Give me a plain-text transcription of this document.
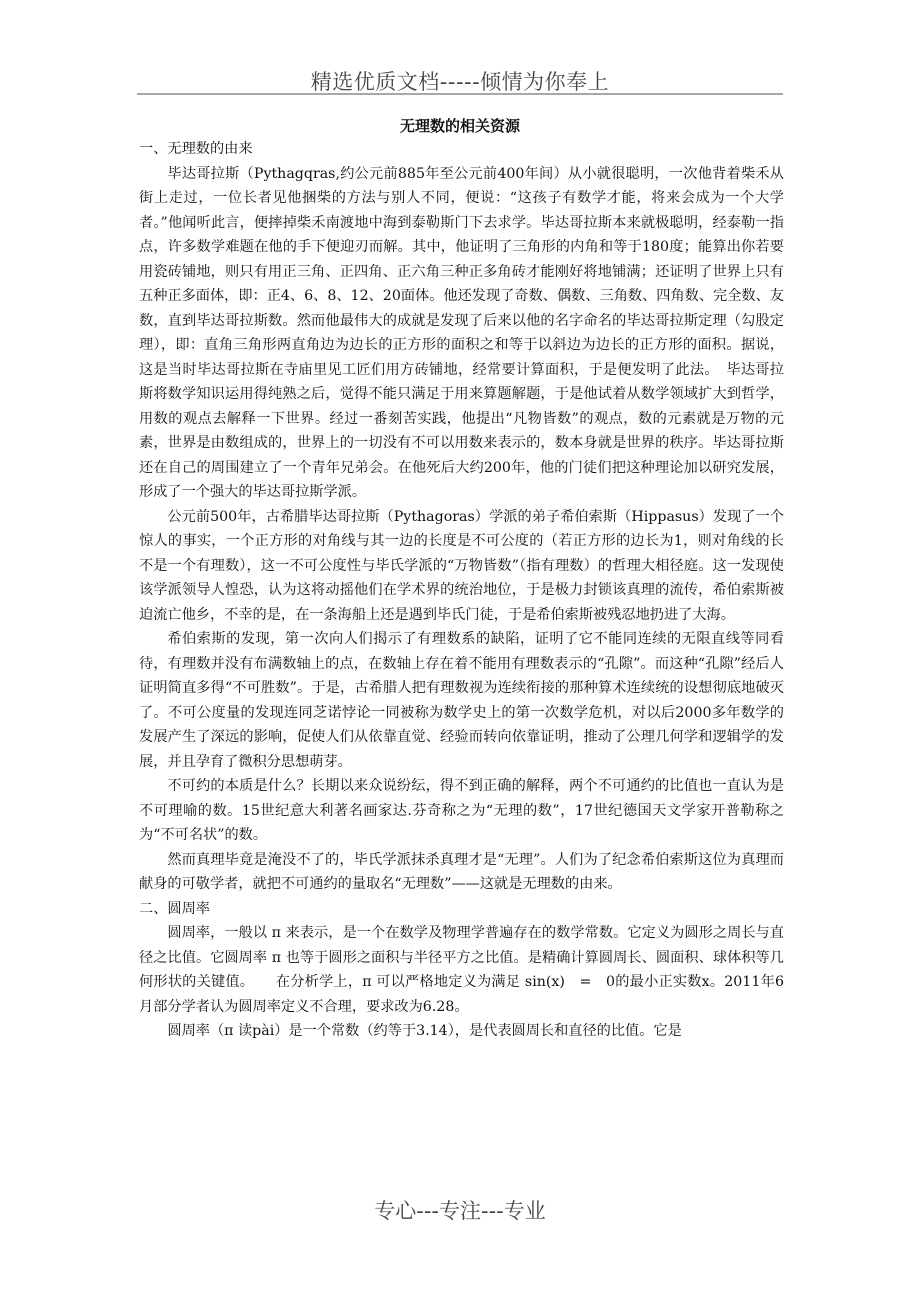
精选优质文档-----倾情为你奉上
无理数的相关资源
一、无理数的由来

毕达哥拉斯（Pythagqras,约公元前885年至公元前400年间）从小就很聪明，一次他背着柴禾从街上走过，一位长者见他捆柴的方法与别人不同，便说：“这孩子有数学才能，将来会成为一个大学者。”他闻听此言，便摔掉柴禾南渡地中海到泰勒斯门下去求学。毕达哥拉斯本来就极聪明，经泰勒一指点，许多数学难题在他的手下便迎刃而解。其中，他证明了三角形的内角和等于180度；能算出你若要用瓷砖铺地，则只有用正三角、正四角、正六角三种正多角砖才能刚好将地铺满；还证明了世界上只有五种正多面体，即：正4、6、8、12、20面体。他还发现了奇数、偶数、三角数、四角数、完全数、友数，直到毕达哥拉斯数。然而他最伟大的成就是发现了后来以他的名字命名的毕达哥拉斯定理（勾股定理），即：直角三角形两直角边为边长的正方形的面积之和等于以斜边为边长的正方形的面积。据说，这是当时毕达哥拉斯在寺庙里见工匠们用方砖铺地，经常要计算面积，于是便发明了此法。　毕达哥拉斯将数学知识运用得纯熟之后，觉得不能只满足于用来算题解题，于是他试着从数学领域扩大到哲学，用数的观点去解释一下世界。经过一番刻苦实践，他提出“凡物皆数”的观点，数的元素就是万物的元素，世界是由数组成的，世界上的一切没有不可以用数来表示的，数本身就是世界的秩序。毕达哥拉斯还在自己的周围建立了一个青年兄弟会。在他死后大约200年，他的门徒们把这种理论加以研究发展，形成了一个强大的毕达哥拉斯学派。

公元前500年，古希腊毕达哥拉斯（Pythagoras）学派的弟子希伯索斯（Hippasus）发现了一个惊人的事实，一个正方形的对角线与其一边的长度是不可公度的（若正方形的边长为1，则对角线的长不是一个有理数），这一不可公度性与毕氏学派的“万物皆数”（指有理数）的哲理大相径庭。这一发现使该学派领导人惶恐，认为这将动摇他们在学术界的统治地位，于是极力封锁该真理的流传，希伯索斯被迫流亡他乡，不幸的是，在一条海船上还是遇到毕氏门徒，于是希伯索斯被残忍地扔进了大海。

希伯索斯的发现，第一次向人们揭示了有理数系的缺陷，证明了它不能同连续的无限直线等同看待，有理数并没有布满数轴上的点，在数轴上存在着不能用有理数表示的“孔隙”。而这种“孔隙”经后人证明简直多得“不可胜数”。于是，古希腊人把有理数视为连续衔接的那种算术连续统的设想彻底地破灭了。不可公度量的发现连同芝诺悖论一同被称为数学史上的第一次数学危机，对以后2000多年数学的发展产生了深远的影响，促使人们从依靠直觉、经验而转向依靠证明，推动了公理几何学和逻辑学的发展，并且孕育了微积分思想萌芽。

不可约的本质是什么？长期以来众说纷纭，得不到正确的解释，两个不可通约的比值也一直认为是不可理喻的数。15世纪意大利著名画家达.芬奇称之为“无理的数”，17世纪德国天文学家开普勒称之为“不可名状”的数。

然而真理毕竟是淹没不了的，毕氏学派抹杀真理才是“无理”。人们为了纪念希伯索斯这位为真理而献身的可敬学者，就把不可通约的量取名“无理数”——这就是无理数的由来。

二、圆周率

圆周率，一般以 π 来表示，是一个在数学及物理学普遍存在的数学常数。它定义为圆形之周长与直径之比值。它圆周率 π 也等于圆形之面积与半径平方之比值。是精确计算圆周长、圆面积、球体积等几何形状的关键值。　　在分析学上，π 可以严格地定义为满足 sin(x)　=　0的最小正实数x。2011年6月部分学者认为圆周率定义不合理，要求改为6.28。

圆周率（π 读pài）是一个常数（约等于3.14），是代表圆周长和直径的比值。它是

专心---专注---专业
